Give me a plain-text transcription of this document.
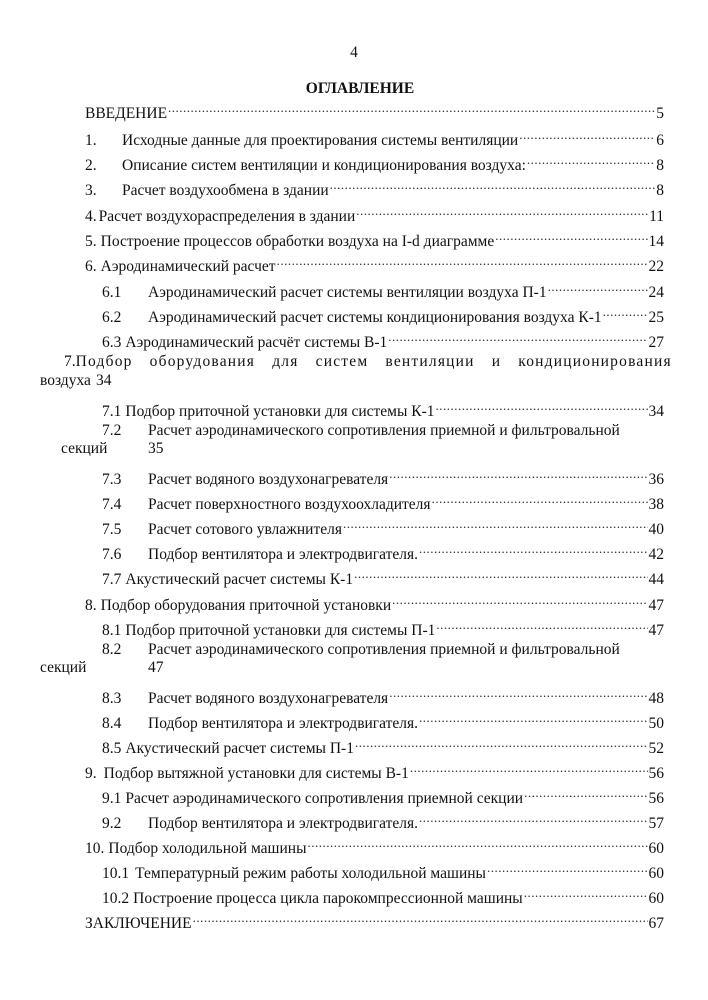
4
ОГЛАВЛЕНИЕ
ВВЕДЕНИЕ .....	5
1.	Исходные данные для проектирования системы вентиляции .....	6
2.	Описание систем вентиляции и кондиционирования воздуха: .....	8
3.	Расчет воздухообмена в здании .....	8
4. Расчет воздухораспределения в здании .....	11
5. Построение процессов обработки воздуха на I-d диаграмме .....	14
6. Аэродинамический расчет .....	22
6.1	Аэродинамический расчет системы вентиляции воздуха П-1 .....	24
6.2	Аэродинамический расчет системы кондиционирования воздуха К-1 .....	25
6.3 Аэродинамический расчёт системы В-1 .....	27
7. Подбор оборудования для систем вентиляции и кондиционирования
воздуха 34
7.1 Подбор приточной установки для системы К-1 .....	34
7.2	Расчет аэродинамического сопротивления приемной и фильтровальной
секций	35
7.3	Расчет водяного воздухонагревателя .....	36
7.4	Расчет поверхностного воздухоохладителя .....	38
7.5	Расчет сотового увлажнителя .....	40
7.6	Подбор вентилятора и электродвигателя. .....	42
7.7 Акустический расчет системы К-1 .....	44
8. Подбор оборудования приточной установки .....	47
8.1 Подбор приточной установки для системы П-1 .....	47
8.2	Расчет аэродинамического сопротивления приемной и фильтровальной
секций	47
8.3	Расчет водяного воздухонагревателя .....	48
8.4	Подбор вентилятора и электродвигателя. .....	50
8.5 Акустический расчет системы П-1 .....	52
9. Подбор вытяжной установки для системы В-1 .....	56
9.1 Расчет аэродинамического сопротивления приемной секции .....	56
9.2	Подбор вентилятора и электродвигателя. .....	57
10. Подбор холодильной машины .....	60
10.1 Температурный режим работы холодильной машины .....	60
10.2 Построение процесса цикла парокомпрессионной машины .....	60
ЗАКЛЮЧЕНИЕ .....	67
